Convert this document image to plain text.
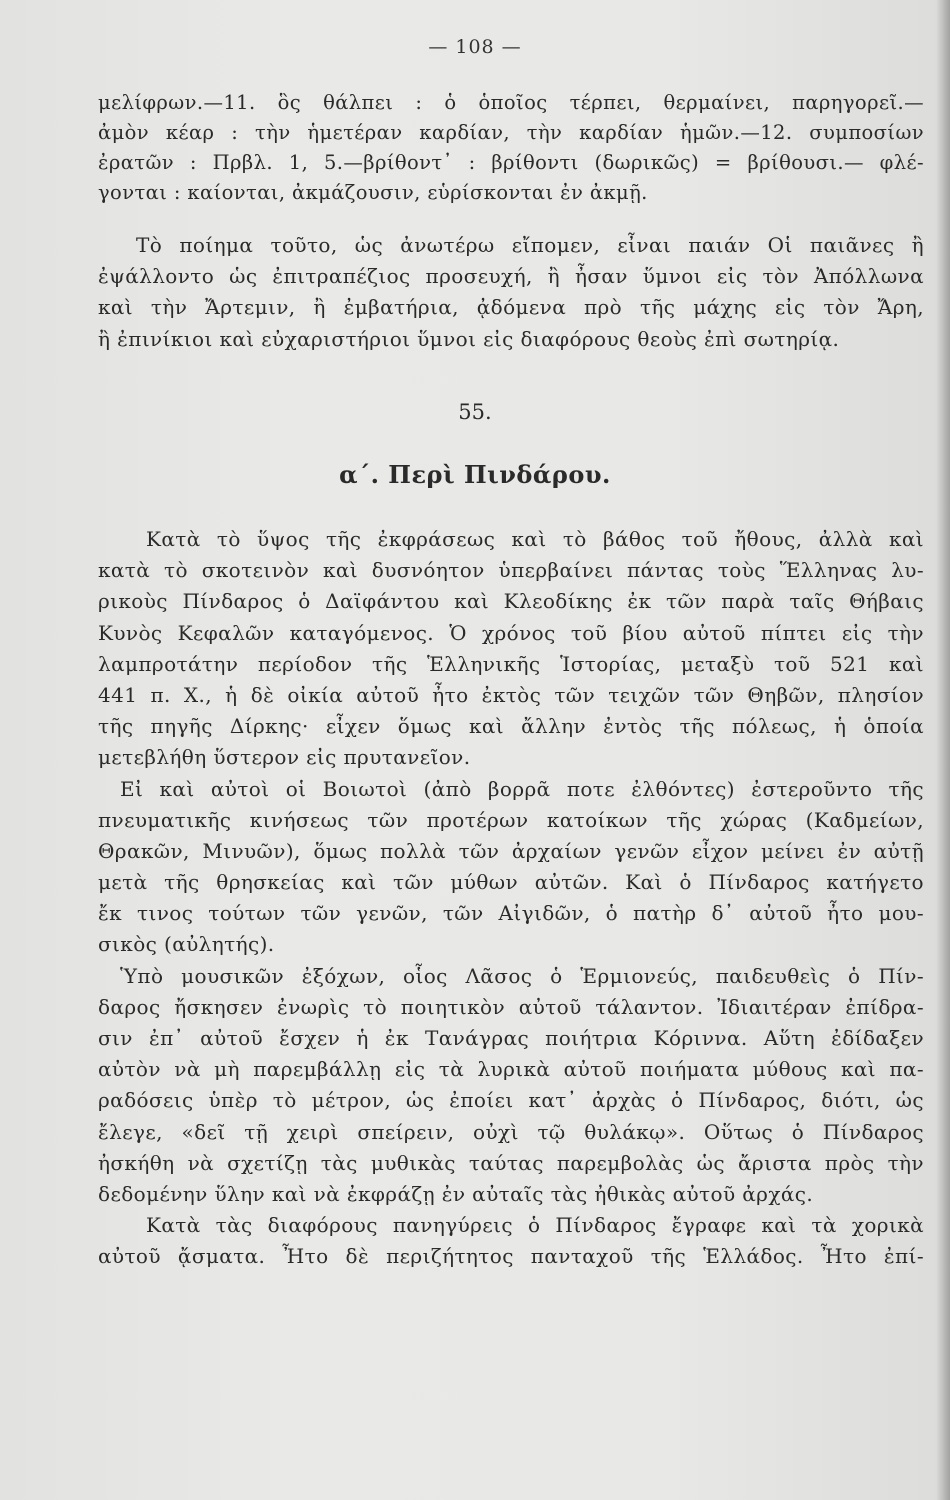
— 108 —
μελίφρων.—11. ὃς θάλπει : ὁ ὁποῖος τέρπει, θερμαίνει, παρηγορεῖ.—
ἀμὸν κέαρ : τὴν ἡμετέραν καρδίαν, τὴν καρδίαν ἡμῶν.—12. συμποσίων
ἐρατῶν : Πρβλ. 1, 5.—βρίθοντ᾽ : βρίθοντι (δωρικῶς) = βρίθουσι.— φλέ-
γονται : καίονται, ἀκμάζουσιν, εὑρίσκονται ἐν ἀκμῇ.
Τὸ ποίημα τοῦτο, ὡς ἀνωτέρω εἴπομεν, εἶναι παιάν Οἱ παιᾶνες ἢ
ἐψάλλοντο ὡς ἐπιτραπέζιος προσευχή, ἢ ἦσαν ὕμνοι εἰς τὸν Ἀπόλλωνα
καὶ τὴν Ἄρτεμιν, ἢ ἐμβατήρια, ᾀδόμενα πρὸ τῆς μάχης εἰς τὸν Ἄρη,
ἢ ἐπινίκιοι καὶ εὐχαριστήριοι ὕμνοι εἰς διαφόρους θεοὺς ἐπὶ σωτηρίᾳ.
55.
α΄. Περὶ Πινδάρου.
Κατὰ τὸ ὕψος τῆς ἐκφράσεως καὶ τὸ βάθος τοῦ ἤθους, ἀλλὰ καὶ
κατὰ τὸ σκοτεινὸν καὶ δυσνόητον ὑπερβαίνει πάντας τοὺς Ἕλληνας λυ-
ρικοὺς Πίνδαρος ὁ Δαϊφάντου καὶ Κλεοδίκης ἐκ τῶν παρὰ ταῖς Θήβαις
Κυνὸς Κεφαλῶν καταγόμενος. Ὁ χρόνος τοῦ βίου αὐτοῦ πίπτει εἰς τὴν
λαμπροτάτην περίοδον τῆς Ἑλληνικῆς Ἱστορίας, μεταξὺ τοῦ 521 καὶ
441 π. Χ., ἡ δὲ οἰκία αὐτοῦ ἦτο ἐκτὸς τῶν τειχῶν τῶν Θηβῶν, πλησίον
τῆς πηγῆς Δίρκης· εἶχεν ὅμως καὶ ἄλλην ἐντὸς τῆς πόλεως, ἡ ὁποία
μετεβλήθη ὕστερον εἰς πρυτανεῖον.
Εἰ καὶ αὐτοὶ οἱ Βοιωτοὶ (ἀπὸ βορρᾶ ποτε ἐλθόντες) ἐστεροῦντο τῆς
πνευματικῆς κινήσεως τῶν προτέρων κατοίκων τῆς χώρας (Καδμείων,
Θρακῶν, Μινυῶν), ὅμως πολλὰ τῶν ἀρχαίων γενῶν εἶχον μείνει ἐν αὐτῇ
μετὰ τῆς θρησκείας καὶ τῶν μύθων αὐτῶν. Καὶ ὁ Πίνδαρος κατήγετο
ἔκ τινος τούτων τῶν γενῶν, τῶν Αἰγιδῶν, ὁ πατὴρ δ᾽ αὐτοῦ ἦτο μου-
σικὸς (αὐλητής).
Ὑπὸ μουσικῶν ἐξόχων, οἷος Λᾶσος ὁ Ἑρμιονεύς, παιδευθεὶς ὁ Πίν-
δαρος ἤσκησεν ἐνωρὶς τὸ ποιητικὸν αὐτοῦ τάλαντον. Ἰδιαιτέραν ἐπίδρα-
σιν ἐπ᾽ αὐτοῦ ἔσχεν ἡ ἐκ Τανάγρας ποιήτρια Κόριννα. Αὕτη ἐδίδαξεν
αὐτὸν νὰ μὴ παρεμβάλλῃ εἰς τὰ λυρικὰ αὐτοῦ ποιήματα μύθους καὶ πα-
ραδόσεις ὑπὲρ τὸ μέτρον, ὡς ἐποίει κατ᾽ ἀρχὰς ὁ Πίνδαρος, διότι, ὡς
ἔλεγε, «δεῖ τῇ χειρὶ σπείρειν, οὐχὶ τῷ θυλάκῳ». Οὕτως ὁ Πίνδαρος
ἠσκήθη νὰ σχετίζῃ τὰς μυθικὰς ταύτας παρεμβολὰς ὡς ἄριστα πρὸς τὴν
δεδομένην ὕλην καὶ νὰ ἐκφράζῃ ἐν αὐταῖς τὰς ἠθικὰς αὐτοῦ ἀρχάς.
Κατὰ τὰς διαφόρους πανηγύρεις ὁ Πίνδαρος ἔγραφε καὶ τὰ χορικὰ
αὐτοῦ ᾄσματα. Ἦτο δὲ περιζήτητος πανταχοῦ τῆς Ἑλλάδος. Ἦτο ἐπί-
